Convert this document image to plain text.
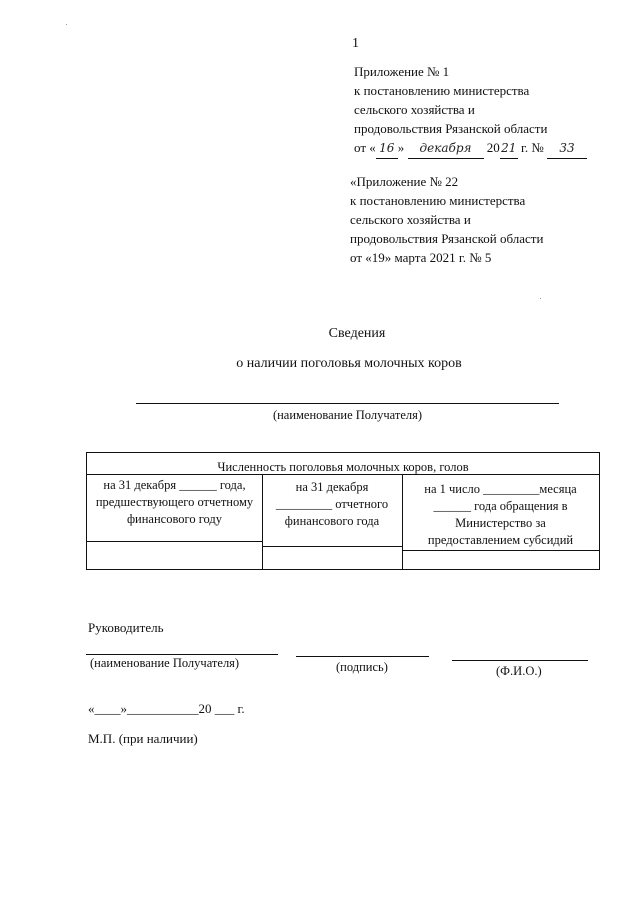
1
Приложение № 1
к постановлению министерства
сельского хозяйства и
продовольствия Рязанской области
от « 16 » декабря 2021 г. № 33
«Приложение № 22
к постановлению министерства
сельского хозяйства и
продовольствия Рязанской области
от «19» марта 2021 г. № 5
Сведения
о наличии поголовья молочных коров
(наименование Получателя)
Численность поголовья молочных коров, голов
на 31 декабря ______ года,
предшествующего отчетному
финансового году
на 31 декабря
_________ отчетного
финансового года
на 1 число _________месяца
______ года обращения в
Министерство за
предоставлением субсидий
Руководитель
(наименование Получателя)	(подпись)	(Ф.И.О.)
«____»___________20 ___ г.
М.П. (при наличии)
